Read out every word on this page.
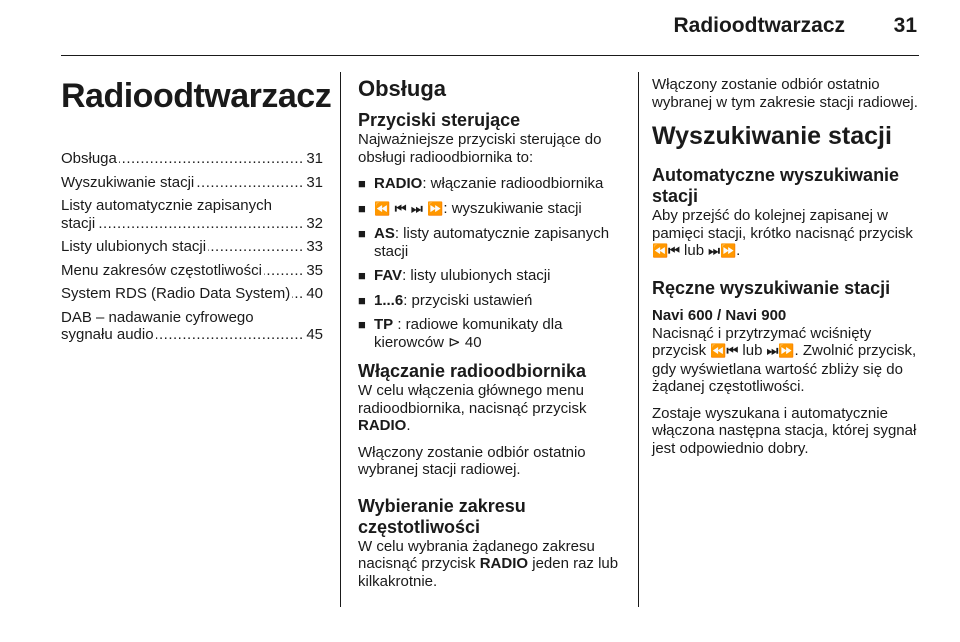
Radioodtwarzacz 31
Radioodtwarzacz
Obsługa .....	31
Wyszukiwanie stacji .....	31
Listy automatycznie zapisanych stacji .....	32
Listy ulubionych stacji .....	33
Menu zakresów częstotliwości .....	35
System RDS (Radio Data System) .....	40
DAB – nadawanie cyfrowego sygnału audio .....	45
Obsługa
Przyciski sterujące

Najważniejsze przyciski sterujące do obsługi radioodbiornika to:

■ RADIO: włączanie radioodbiornika
■ ⏪ ⏮ ⏭ ⏩: wyszukiwanie stacji
■ AS: listy automatycznie zapisanych stacji
■ FAV: listy ulubionych stacji
■ 1...6: przyciski ustawień
■ TP : radiowe komunikaty dla kierowców ⊳ 40
Włączanie radioodbiornika

W celu włączenia głównego menu radioodbiornika, nacisnąć przycisk RADIO.

Włączony zostanie odbiór ostatnio wybranej stacji radiowej.

Wybieranie zakresu częstotliwości

W celu wybrania żądanego zakresu nacisnąć przycisk RADIO jeden raz lub kilkakrotnie.

Włączony zostanie odbiór ostatnio wybranej w tym zakresie stacji radiowej.

Wyszukiwanie stacji
Automatyczne wyszukiwanie stacji

Aby przejść do kolejnej zapisanej w pamięci stacji, krótko nacisnąć przycisk ⏪⏮ lub ⏭⏩.

Ręczne wyszukiwanie stacji
Navi 600 / Navi 900

Nacisnąć i przytrzymać wciśnięty przycisk ⏪⏮ lub ⏭⏩. Zwolnić przycisk, gdy wyświetlana wartość zbliży się do żądanej częstotliwości.

Zostaje wyszukana i automatycznie włączona następna stacja, której sygnał jest odpowiednio dobry.
